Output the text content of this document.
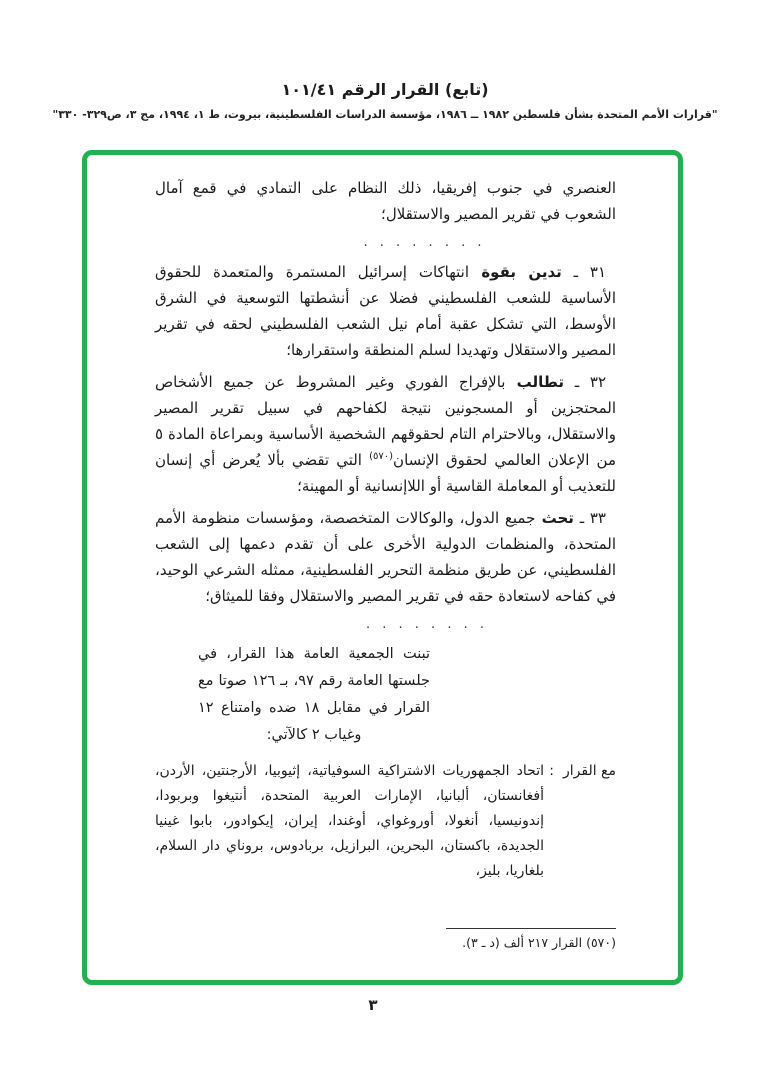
(تابع) القرار الرقم ١٠١/٤١
"قرارات الأمم المتحدة بشأن فلسطين ١٩٨٢ ــ ١٩٨٦، مؤسسة الدراسات الفلسطينية، بيروت، ط ١، ١٩٩٤، مج ٣، ص٣٢٩- ٣٣٠"

العنصري في جنوب إفريقيا، ذلك النظام على التمادي في قمع آمال الشعوب في تقرير المصير والاستقلال؛

. . . . . . . .

٣١ ـ تدين بقوة انتهاكات إسرائيل المستمرة والمتعمدة للحقوق الأساسية للشعب الفلسطيني فضلا عن أنشطتها التوسعية في الشرق الأوسط، التي تشكل عقبة أمام نيل الشعب الفلسطيني لحقه في تقرير المصير والاستقلال وتهديدا لسلم المنطقة واستقرارها؛

٣٢ ـ تطالب بالإفراج الفوري وغير المشروط عن جميع الأشخاص المحتجزين أو المسجونين نتيجة لكفاحهم في سبيل تقرير المصير والاستقلال، وبالاحترام التام لحقوقهم الشخصية الأساسية وبمراعاة المادة ٥ من الإعلان العالمي لحقوق الإنسان$^{(٥٧٠)}$ التي تقضي بألا يُعرض أي إنسان للتعذيب أو المعاملة القاسية أو اللاإنسانية أو المهينة؛

٣٣ ـ تحث جميع الدول، والوكالات المتخصصة، ومؤسسات منظومة الأمم المتحدة، والمنظمات الدولية الأخرى على أن تقدم دعمها إلى الشعب الفلسطيني، عن طريق منظمة التحرير الفلسطينية، ممثله الشرعي الوحيد، في كفاحه لاستعادة حقه في تقرير المصير والاستقلال وفقا للميثاق؛

. . . . . . . .
تبنت الجمعية العامة هذا القرار، في جلستها العامة رقم ٩٧، بـ ١٢٦ صوتا مع القرار في مقابل ١٨ ضده وامتناع ١٢ وغياب ٢ كالآتي:
مع القرار
:
اتحاد الجمهوريات الاشتراكية السوفياتية، إثيوبيا، الأرجنتين، الأردن، أفغانستان، ألبانيا، الإمارات العربية المتحدة، أنتيغوا وبربودا، إندونيسيا، أنغولا، أوروغواي، أوغندا، إيران، إيكوادور، بابوا غينيا الجديدة، باكستان، البحرين، البرازيل، بربادوس، بروناي دار السلام، بلغاريا، بليز،
(٥٧٠) القرار ٢١٧ ألف (د ـ ٣).
٣
